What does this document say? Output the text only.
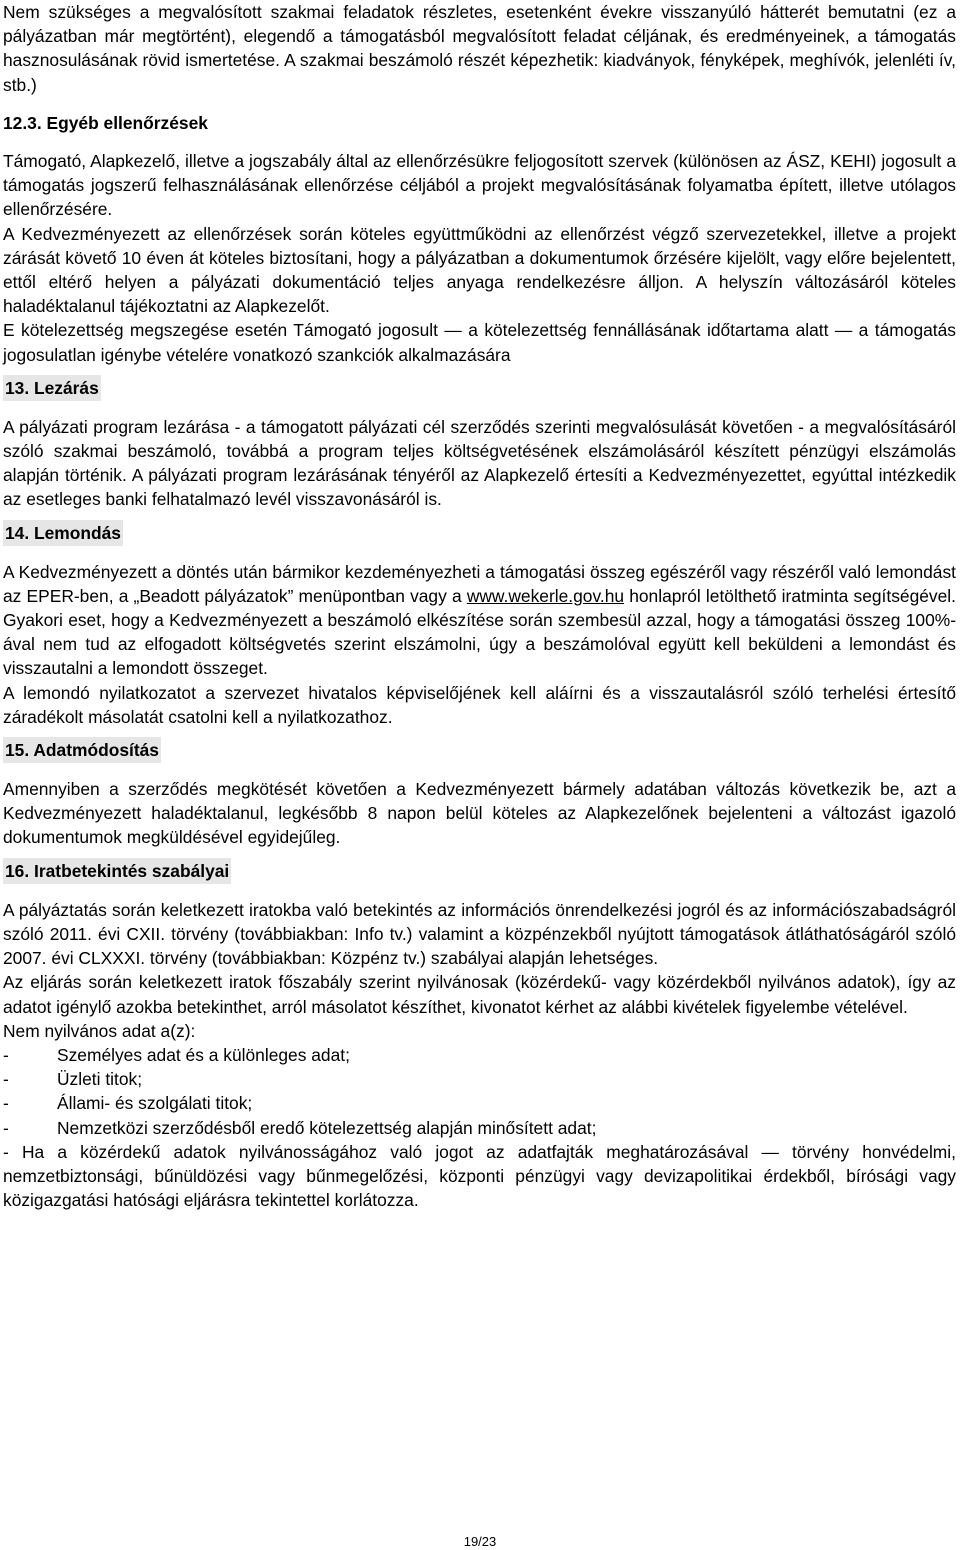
Nem szükséges a megvalósított szakmai feladatok részletes, esetenként évekre visszanyúló hátterét bemutatni (ez a pályázatban már megtörtént), elegendő a támogatásból megvalósított feladat céljának, és eredményeinek, a támogatás hasznosulásának rövid ismertetése. A szakmai beszámoló részét képezhetik: kiadványok, fényképek, meghívók, jelenléti ív, stb.)

12.3. Egyéb ellenőrzések

Támogató, Alapkezelő, illetve a jogszabály által az ellenőrzésükre feljogosított szervek (különösen az ÁSZ, KEHI) jogosult a támogatás jogszerű felhasználásának ellenőrzése céljából a projekt megvalósításának folyamatba épített, illetve utólagos ellenőrzésére.

A Kedvezményezett az ellenőrzések során köteles együttműködni az ellenőrzést végző szervezetekkel, illetve a projekt zárását követő 10 éven át köteles biztosítani, hogy a pályázatban a dokumentumok őrzésére kijelölt, vagy előre bejelentett, ettől eltérő helyen a pályázati dokumentáció teljes anyaga rendelkezésre álljon. A helyszín változásáról köteles haladéktalanul tájékoztatni az Alapkezelőt.

E kötelezettség megszegése esetén Támogató jogosult — a kötelezettség fennállásának időtartama alatt — a támogatás jogosulatlan igénybe vételére vonatkozó szankciók alkalmazására

13. Lezárás

A pályázati program lezárása - a támogatott pályázati cél szerződés szerinti megvalósulását követően - a megvalósításáról szóló szakmai beszámoló, továbbá a program teljes költségvetésének elszámolásáról készített pénzügyi elszámolás alapján történik. A pályázati program lezárásának tényéről az Alapkezelő értesíti a Kedvezményezettet, egyúttal intézkedik az esetleges banki felhatalmazó levél visszavonásáról is.

14. Lemondás

A Kedvezményezett a döntés után bármikor kezdeményezheti a támogatási összeg egészéről vagy részéről való lemondást az EPER-ben, a „Beadott pályázatok” menüpontban vagy a www.wekerle.gov.hu honlapról letölthető iratminta segítségével. Gyakori eset, hogy a Kedvezményezett a beszámoló elkészítése során szembesül azzal, hogy a támogatási összeg 100%-ával nem tud az elfogadott költségvetés szerint elszámolni, úgy a beszámolóval együtt kell beküldeni a lemondást és visszautalni a lemondott összeget.

A lemondó nyilatkozatot a szervezet hivatalos képviselőjének kell aláírni és a visszautalásról szóló terhelési értesítő záradékolt másolatát csatolni kell a nyilatkozathoz.

15. Adatmódosítás

Amennyiben a szerződés megkötését követően a Kedvezményezett bármely adatában változás következik be, azt a Kedvezményezett haladéktalanul, legkésőbb 8 napon belül köteles az Alapkezelőnek bejelenteni a változást igazoló dokumentumok megküldésével egyidejűleg.

16. Iratbetekintés szabályai

A pályáztatás során keletkezett iratokba való betekintés az információs önrendelkezési jogról és az információszabadságról szóló 2011. évi CXII. törvény (továbbiakban: Info tv.) valamint a közpénzekből nyújtott támogatások átláthatóságáról szóló 2007. évi CLXXXI. törvény (továbbiakban: Közpénz tv.) szabályai alapján lehetséges.

Az eljárás során keletkezett iratok főszabály szerint nyilvánosak (közérdekű- vagy közérdekből nyilvános adatok), így az adatot igénylő azokba betekinthet, arról másolatot készíthet, kivonatot kérhet az alábbi kivételek figyelembe vételével.

Nem nyilvános adat a(z):

-	Személyes adat és a különleges adat;
-	Üzleti titok;
-	Állami- és szolgálati titok;
-	Nemzetközi szerződésből eredő kötelezettség alapján minősített adat;

- Ha a közérdekű adatok nyilvánosságához való jogot az adatfajták meghatározásával — törvény honvédelmi, nemzetbiztonsági, bűnüldözési vagy bűnmegelőzési, központi pénzügyi vagy devizapolitikai érdekből, bírósági vagy közigazgatási hatósági eljárásra tekintettel korlátozza.

19/23
